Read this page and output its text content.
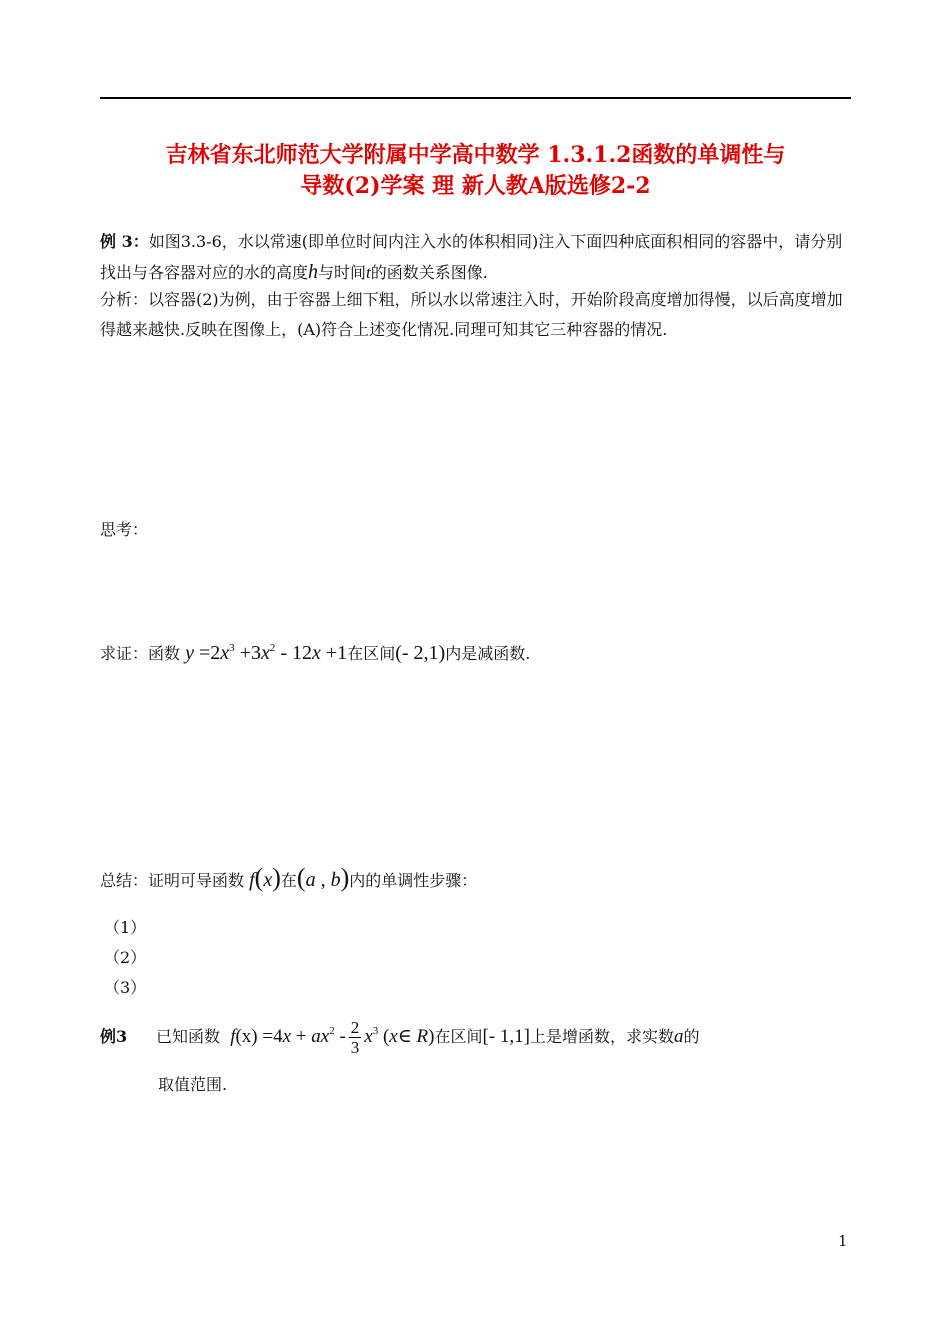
吉林省东北师范大学附属中学高中数学 1.3.1.2函数的单调性与
导数(2)学案 理 新人教A版选修2-2
例 3：如图3.3-6，水以常速(即单位时间内注入水的体积相同)注入下面四种底面积相同的容器中，请分别找出与各容器对应的水的高度h与时间t的函数关系图像.
分析：以容器(2)为例，由于容器上细下粗，所以水以常速注入时，开始阶段高度增加得慢，以后高度增加得越来越快.反映在图像上，(A)符合上述变化情况.同理可知其它三种容器的情况.
思考：
求证：函数 $y =2x^3 +3x^2 - 12x +1$在区间(- 2,1)内是减函数.
总结：证明可导函数 f(x)在(a , b)内的单调性步骤：
（1）
（2）
（3）
例3 已知函数 $f(x) =4x + ax^2 - \frac{2}{3} x^3$ (x∈ R)在区间[- 1,1]上是增函数，求实数a的
取值范围.
1
